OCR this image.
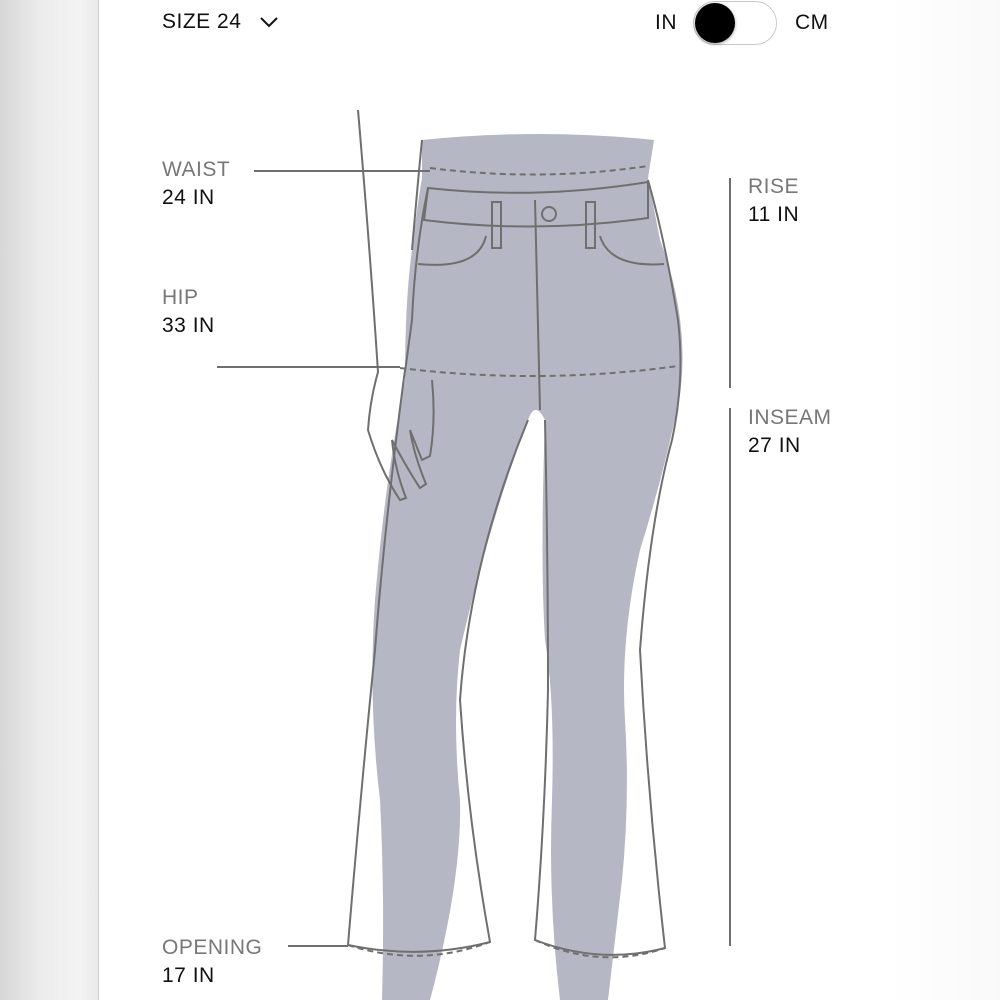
SIZE 24	IN	CM
WAIST
24 IN
HIP
33 IN
OPENING
17 IN
RISE
11 IN
INSEAM
27 IN
